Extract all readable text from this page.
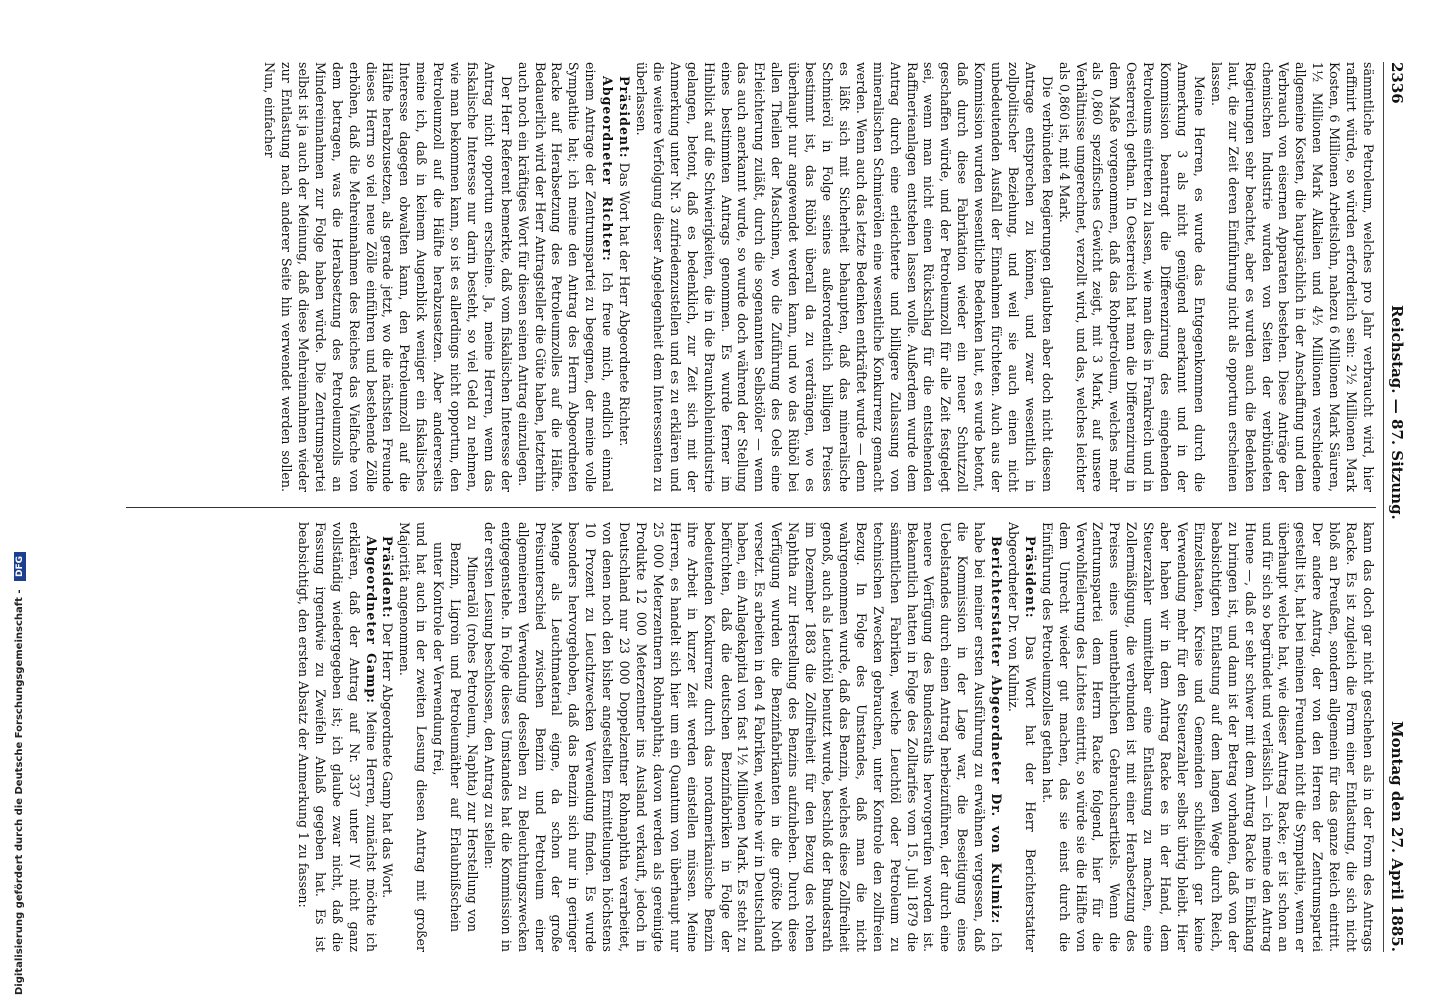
Digitalisierung gefördert durch die Deutsche Forschungsgemeinschaft - DFG
2336
Reichstag. — 87. Sitzung.
Montag den 27. April 1885.

sämmtliche Petroleum, welches pro Jahr verbraucht wird, hier raffinirt würde, so würden erforderlich sein: 2½ Millionen Mark Kosten, 6 Millionen Arbeitslohn, nahezu 6 Millionen Mark Säuren, 1½ Millionen Mark Alkalien und 4½ Millionen verschiedene allgemeine Kosten, die hauptsächlich in der Anschaffung und dem Verbrauch von eisernen Apparaten bestehen. Diese Anträge der chemischen Industrie wurden von Seiten der verbündeten Regierungen sehr beachtet, aber es wurden auch die Bedenken laut, die zur Zeit deren Einführung nicht als opportun erscheinen lassen.

Meine Herren, es wurde das Entgegenkommen durch die Anmerkung 3 als nicht genügend anerkannt und in der Kommission beantragt die Differenzirung des eingehenden Petroleums eintreten zu lassen, wie man dies in Frankreich und in Oesterreich gethan. In Oesterreich hat man die Differenzirung in dem Maße vorgenommen, daß das Rohpetroleum, welches mehr als 0,860 spezifisches Gewicht zeigt, mit 3 Mark, auf unsere Verhältnisse umgerechnet, verzollt wird, und das, welches leichter als 0,860 ist, mit 4 Mark.

Die verbündeten Regierungen glaubten aber doch nicht diesem Antrage entsprechen zu können, und zwar wesentlich in zollpolitischer Beziehung, und weil sie auch einen nicht unbedeutenden Ausfall der Einnahmen fürchteten. Auch aus der Kommission wurden wesentliche Bedenken laut, es wurde betont, daß durch diese Fabrikation wieder ein neuer Schutzzoll geschaffen würde, und der Petroleumzoll für alle Zeit festgelegt sei, wenn man nicht einen Rückschlag für die entstehenden Raffinerieanlagen entstehen lassen wolle. Außerdem wurde dem Antrag durch eine erleichterte und billigere Zulassung von mineralischen Schmierölen eine wesentliche Konkurrenz gemacht werden. Wenn auch das letzte Bedenken entkräftet wurde — denn es läßt sich mit Sicherheit behaupten, daß das mineralische Schmieröl in Folge seines außerordentlich billigen Preises bestimmt ist, das Rüböl überall da zu verdrängen, wo es überhaupt nur angewendet werden kann, und wo das Rüböl bei allen Theilen der Maschinen, wo die Zuführung des Oels eine Erleichterung zuläßt, durch die sogenannten Selbstöler — wenn das auch anerkannt wurde, so wurde doch während der Stellung eines bestimmten Antrags genommen. Es wurde ferner im Hinblick auf die Schwierigkeiten, die in die Braunkohlenindustrie gelangen, betont, daß es bedenklich, zur Zeit sich mit der Anmerkung unter Nr. 3 zufriedenzustellen und es zu erklären und die weitere Verfolgung dieser Angelegenheit dem Interessenten zu überlassen.

Präsident: Das Wort hat der Herr Abgeordnete Richter.

Abgeordneter Richter: Ich freue mich, endlich einmal einem Antrage der Zentrumspartei zu begegnen, der meine volle Sympathie hat; ich meine den Antrag des Herrn Abgeordneten Racke auf Herabsetzung des Petroleumzolles auf die Hälfte. Bedauerlich wird der Herr Antragsteller die Güte haben, letzterhin auch noch ein kräftiges Wort für diesen seinen Antrag einzulegen.

Der Herr Referent bemerkte, daß vom fiskalischen Interesse der Antrag nicht opportun erscheine. Ja, meine Herren, wenn das fiskalische Interesse nur darin besteht, so viel Geld zu nehmen, wie man bekommen kann, so ist es allerdings nicht opportun, den Petroleumzoll auf die Hälfte herabzusetzen. Aber andererseits meine ich, daß in keinem Augenblick weniger ein fiskalisches Interesse dagegen obwalten kann, den Petroleumzoll auf die Hälfte herabzusetzen, als gerade jetzt, wo die nächsten Freunde dieses Herrn so viel neue Zölle einführen und bestehende Zölle erhöhen, daß die Mehreinnahmen des Reiches das Vielfache von dem betragen, was die Herabsetzung des Petroleumzolls an Mindereinnahmen zur Folge haben würde. Die Zentrumspartei selbst ist ja auch der Meinung, daß diese Mehreinnahmen wieder zur Entlastung nach anderer Seite hin verwendet werden sollen. Nun, einfacher

kann das doch gar nicht geschehen als in der Form des Antrags Racke. Es ist zugleich die Form einer Entlastung, die sich nicht bloß an Preußen, sondern allgemein für das ganze Reich eintritt. Der andere Antrag, der von den Herren der Zentrumspartei gestellt ist, hat bei meinen Freunden nicht die Sympathie, wenn er überhaupt welche hat, wie dieser Antrag Racke; er ist schon an und für sich so begründet und verlässlich — ich meine den Antrag Huene —, daß er sehr schwer mit dem Antrag Racke in Einklang zu bringen ist, und dann ist der Betrag vorhanden, daß von der beabsichtigten Entlastung auf dem langen Wege durch Reich, Einzelstaaten, Kreise und Gemeinden schließlich gar keine Verwendung mehr für den Steuerzahler selbst übrig bleibt. Hier aber haben wir in dem Antrag Racke es in der Hand, dem Steuerzahler unmittelbar eine Entlastung zu machen, eine Zollermäßigung, die verbunden ist mit einer Herabsetzung des Preises eines unentbehrlichen Gebrauchsartikels. Wenn die Zentrumspartei dem Herrn Racke folgend, hier für die Verwohlfeilerung des Lichtes eintritt, so würde sie die Hälfte von dem Unrecht wieder gut machen, das sie einst durch die Einführung des Petroleumzolles gethan hat.

Präsident: Das Wort hat der Herr Berichterstatter Abgeordneter Dr. von Kulmiz.

Berichterstatter Abgeordneter Dr. von Kulmiz: Ich habe bei meiner ersten Ausführung zu erwähnen vergessen, daß die Kommission in der Lage war, die Beseitigung eines Uebelstandes durch einen Antrag herbeizuführen, der durch eine neuere Verfügung des Bundesraths hervorgerufen worden ist. Bekanntlich hatten in Folge des Zolltarifes vom 15. Juli 1879 die sämmtlichen Fabriken, welche Leuchtöl oder Petroleum zu technischen Zwecken gebrauchen, unter Kontrole den zollfreien Bezug. In Folge des Umstandes, daß man die nicht wahrgenommen wurde, daß das Benzin, welches diese Zollfreiheit genoß, auch als Leuchtöl benutzt wurde, beschloß der Bundesrath im Dezember 1883 die Zollfreiheit für den Bezug des rohen Naphtha zur Herstellung des Benzins aufzuheben. Durch diese Verfügung wurden die Benzinfabrikanten in die größte Noth versetzt. Es arbeiten in den 4 Fabriken, welche wir in Deutschland haben, ein Anlagekapital von fast 1½ Millionen Mark. Es steht zu befürchten, daß die deutschen Benzinfabriken in Folge der bedeutenden Konkurrenz durch das nordamerikanische Benzin ihre Arbeit in kurzer Zeit werden einstellen müssen. Meine Herren, es handelt sich hier um ein Quantum von überhaupt nur 25 000 Meterzentnern Rohnaphtha; davon werden als gereinigte Produkte 12 000 Meterzentner ins Ausland verkauft, jedoch in Deutschland nur 23 000 Doppelzentner Rohnaphtha verarbeitet, von denen noch den bisher angestellten Ermittelungen höchstens 10 Prozent zu Leuchtzwecken Verwendung finden. Es wurde besonders hervorgehoben, daß das Benzin sich nur in geringer Menge als Leuchtmaterial eigne, da schon der große Preisunterschied zwischen Benzin und Petroleum einer allgemeineren Verwendung desselben zu Beleuchtungszwecken entgegenstehe. In Folge dieses Umstandes hat die Kommission in der ersten Lesung beschlossen, den Antrag zu stellen:

Mineralöl (rohes Petroleum, Naphta) zur Herstellung von Benzin, Ligroin und Petroleumäther auf Erlaubnißschein unter Kontrole der Verwendung frei,

und hat auch in der zweiten Lesung diesen Antrag mit großer Majorität angenommen.

Präsident: Der Herr Abgeordnete Gamp hat das Wort.

Abgeordneter Gamp: Meine Herren, zunächst möchte ich erklären, daß der Antrag auf Nr. 337 unter IV nicht ganz vollständig wiedergegeben ist; ich glaube zwar nicht, daß die Fassung irgendwie zu Zweifeln Anlaß gegeben hat. Es ist beabsichtigt, den ersten Absatz der Anmerkung 1 zu fassen:
